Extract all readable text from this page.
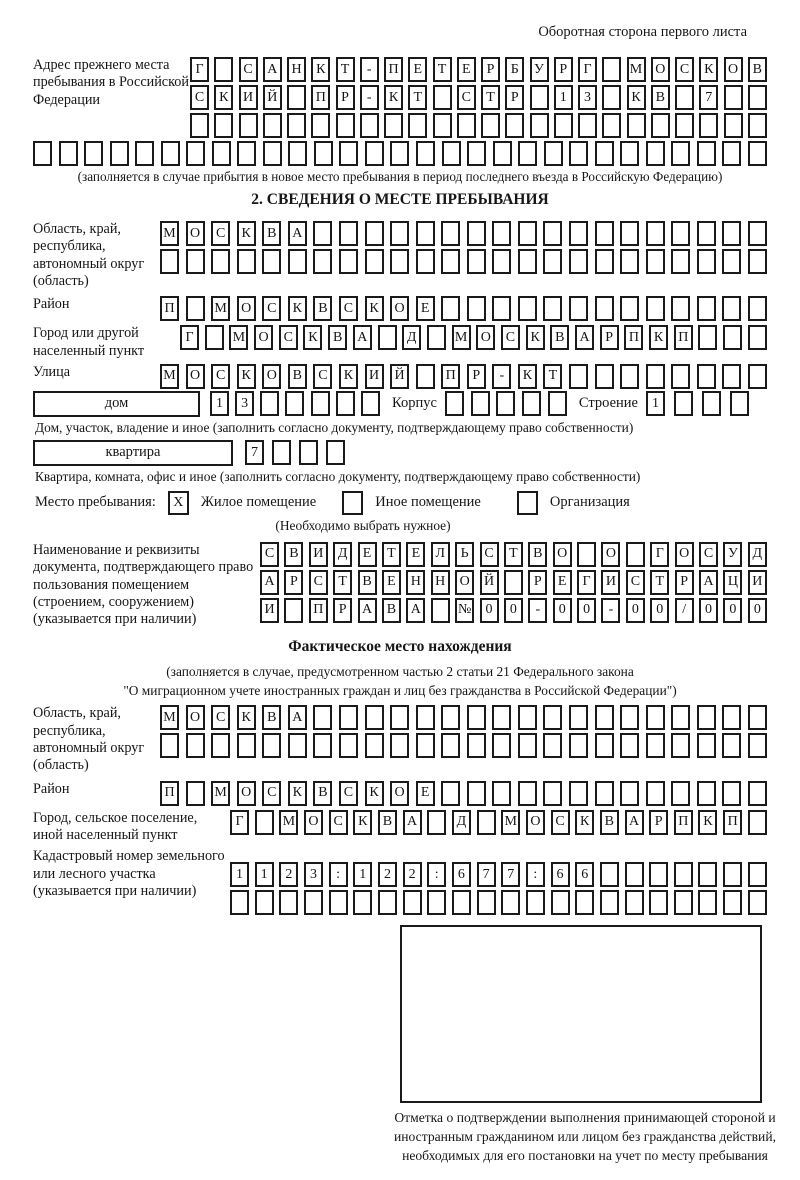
Оборотная сторона первого листа
Адрес прежнего места пребывания в Российской Федерации
Г	С	А	Н	К	Т	-	П	Е	Т	Е	Р	Б	У	Р	Г	М О	С	К	О	В
С	К	И	Й	П	Р	-	К	Т	С	Т	Р	1	3	К	В	7
(заполняется в случае прибытия в новое место пребывания в период последнего въезда в Российскую Федерацию)
2. СВЕДЕНИЯ О МЕСТЕ ПРЕБЫВАНИЯ
Область, край, республика, автономный округ (область)
М	О	С	К	В	А
Район	П	М	О	С	К	В	С	К	О	Е
Город или другой населенный пункт
Г	М О	С	К	В	А	Д	М О	С	К	В	А	Р	П	К	П
Улица	М	О	С	К	О	В	С	К	И	Й	П	Р	-	К	Т
дом	1	3	Корпус	Строение	1
Дом, участок, владение и иное (заполнить согласно документу, подтверждающему право собственности)
квартира	7
Квартира, комната, офис и иное (заполнить согласно документу, подтверждающему право собственности)
Место пребывания:	X	Жилое помещение	Иное помещение	Организация
(Необходимо выбрать нужное)
Наименование и реквизиты документа, подтверждающего право пользования помещением (строением, сооружением) (указывается при наличии)
С	В	И	Д	Е	Т	Е	Л	Ь	С	Т	В	О	О	Г	О	С	У	Д
А	Р	С	Т	В	Е	Н	Н	О	Й	Р	Е	Г	И	С	Т	Р	А	Ц	И
И	П	Р	А	В	А	№	0	0	-	0	0	-	0	0	/	0	0	0
Фактическое место нахождения
(заполняется в случае, предусмотренном частью 2 статьи 21 Федерального закона
"О миграционном учете иностранных граждан и лиц без гражданства в Российской Федерации")
Область, край, республика, автономный округ (область)
М	О	С	К	В	А
Район	П	М	О	С	К	В	С	К	О	Е
Город, сельское поселение, иной населенный пункт
Г	М О	С	К	В	А	Д	М О	С	К	В	А	Р	П	К	П
Кадастровый номер земельного или лесного участка (указывается при наличии)
1	1	2	3	:	1	2	2	:	6	7	7	:	6	6
Отметка о подтверждении выполнения принимающей стороной и иностранным гражданином или лицом без гражданства действий, необходимых для его постановки на учет по месту пребывания
